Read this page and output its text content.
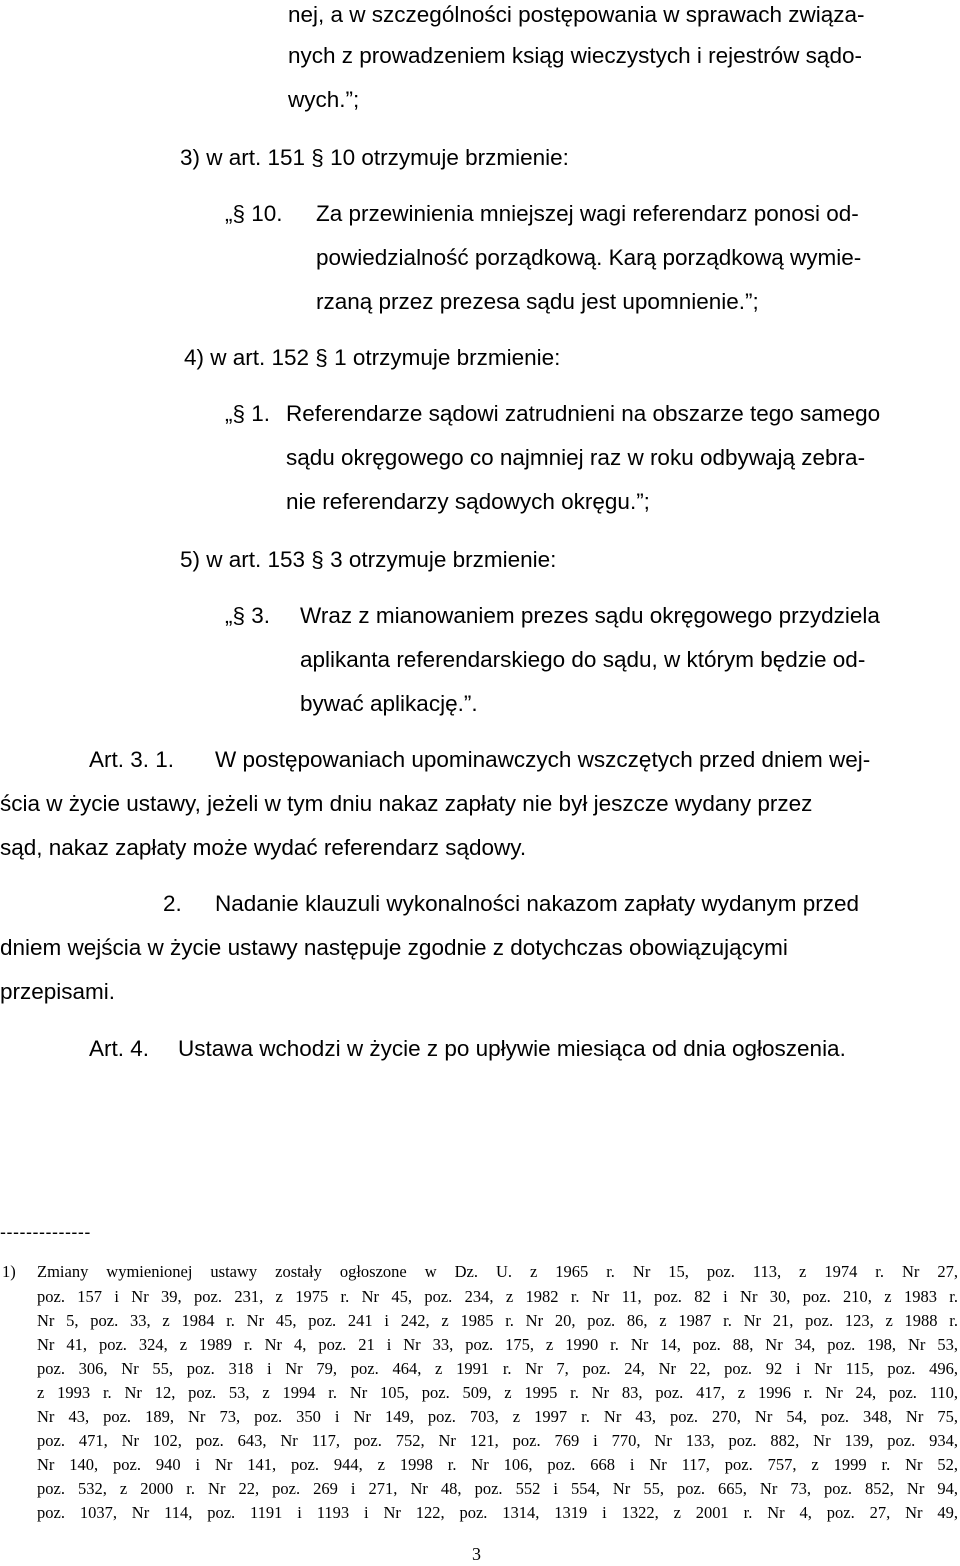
nej, a w szczególności postępowania w sprawach związa-
nych z prowadzeniem ksiąg wieczystych i rejestrów sądo-
wych.”;
3) w art. 151 § 10 otrzymuje brzmienie:
„§ 10. Za przewinienia mniejszej wagi referendarz ponosi od-
powiedzialność porządkową. Karą porządkową wymie-
rzaną przez prezesa sądu jest upomnienie.”;
4) w art. 152 § 1 otrzymuje brzmienie:
„§ 1. Referendarze sądowi zatrudnieni na obszarze tego samego
sądu okręgowego co najmniej raz w roku odbywają zebra-
nie referendarzy sądowych okręgu.”;
5) w art. 153 § 3 otrzymuje brzmienie:
„§ 3. Wraz z mianowaniem prezes sądu okręgowego przydziela
aplikanta referendarskiego do sądu, w którym będzie od-
bywać aplikację.”.
Art. 3. 1. W postępowaniach upominawczych wszczętych przed dniem wej-
ścia w życie ustawy, jeżeli w tym dniu nakaz zapłaty nie był jeszcze wydany przez
sąd, nakaz zapłaty może wydać referendarz sądowy.
2. Nadanie klauzuli wykonalności nakazom zapłaty wydanym przed
dniem wejścia w życie ustawy następuje zgodnie z dotychczas obowiązującymi
przepisami.
Art. 4. Ustawa wchodzi w życie z po upływie miesiąca od dnia ogłoszenia.
--------------
1) Zmiany wymienionej ustawy zostały ogłoszone w Dz. U. z 1965 r. Nr 15, poz. 113, z 1974 r. Nr 27,
poz. 157 i Nr 39, poz. 231, z 1975 r. Nr 45, poz. 234, z 1982 r. Nr 11, poz. 82 i Nr 30, poz. 210, z 1983 r.
Nr 5, poz. 33, z 1984 r. Nr 45, poz. 241 i 242, z 1985 r. Nr 20, poz. 86, z 1987 r. Nr 21, poz. 123, z 1988 r.
Nr 41, poz. 324, z 1989 r. Nr 4, poz. 21 i Nr 33, poz. 175, z 1990 r. Nr 14, poz. 88, Nr 34, poz. 198, Nr 53,
poz. 306, Nr 55, poz. 318 i Nr 79, poz. 464, z 1991 r. Nr 7, poz. 24, Nr 22, poz. 92 i Nr 115, poz. 496,
z 1993 r. Nr 12, poz. 53, z 1994 r. Nr 105, poz. 509, z 1995 r. Nr 83, poz. 417, z 1996 r. Nr 24, poz. 110,
Nr 43, poz. 189, Nr 73, poz. 350 i Nr 149, poz. 703, z 1997 r. Nr 43, poz. 270, Nr 54, poz. 348, Nr 75,
poz. 471, Nr 102, poz. 643, Nr 117, poz. 752, Nr 121, poz. 769 i 770, Nr 133, poz. 882, Nr 139, poz. 934,
Nr 140, poz. 940 i Nr 141, poz. 944, z 1998 r. Nr 106, poz. 668 i Nr 117, poz. 757, z 1999 r. Nr 52,
poz. 532, z 2000 r. Nr 22, poz. 269 i 271, Nr 48, poz. 552 i 554, Nr 55, poz. 665, Nr 73, poz. 852, Nr 94,
poz. 1037, Nr 114, poz. 1191 i 1193 i Nr 122, poz. 1314, 1319 i 1322, z 2001 r. Nr 4, poz. 27, Nr 49,
3
